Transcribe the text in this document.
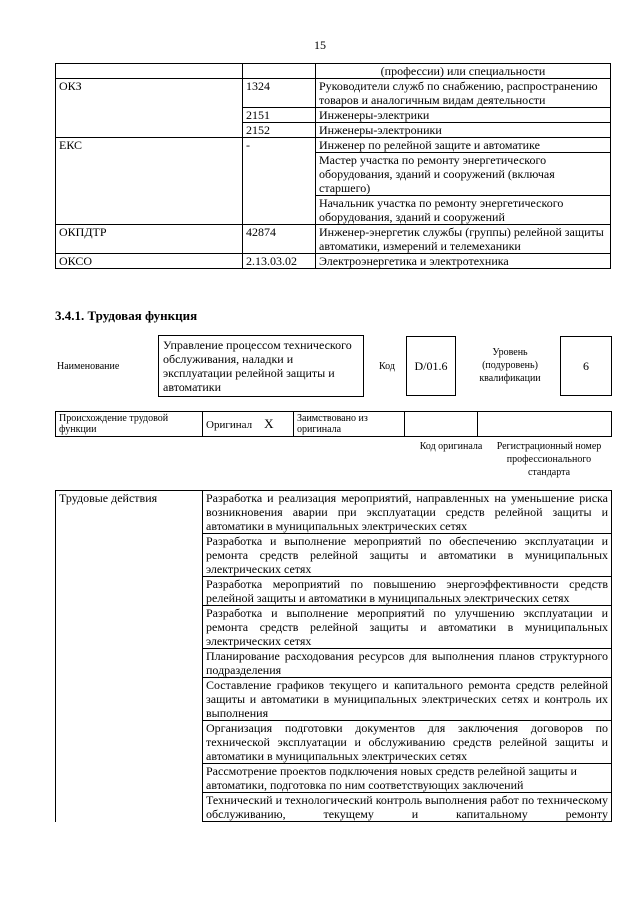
15
		(профессии) или специальности
ОКЗ	1324	Руководители служб по снабжению, распространению товаров и аналогичным видам деятельности
	2151	Инженеры-электрики
	2152	Инженеры-электроники
ЕКС	-	Инженер по релейной защите и автоматике
		Мастер участка по ремонту энергетического оборудования, зданий и сооружений (включая старшего)
		Начальник участка по ремонту энергетического оборудования, зданий и сооружений
ОКПДТР	42874	Инженер-энергетик службы (группы) релейной защиты автоматики, измерений и телемеханики
ОКСО	2.13.03.02	Электроэнергетика и электротехника
3.4.1. Трудовая функция
Наименование
Управление процессом технического обслуживания, наладки и эксплуатации релейной защиты и автоматики
Код D/01.6
Уровень (подуровень) квалификации
6
Происхождение трудовой функции	Оригинал X	Заимствовано из оригинала		
Код оригинала	Регистрационный номер профессионального стандарта
Трудовые действия	Разработка и реализация мероприятий, направленных на уменьшение риска возникновения аварии при эксплуатации средств релейной защиты и автоматики в муниципальных электрических сетях
	Разработка и выполнение мероприятий по обеспечению эксплуатации и ремонта средств релейной защиты и автоматики в муниципальных электрических сетях
	Разработка мероприятий по повышению энергоэффективности средств релейной защиты и автоматики в муниципальных электрических сетях
	Разработка и выполнение мероприятий по улучшению эксплуатации и ремонта средств релейной защиты и автоматики в муниципальных электрических сетях
	Планирование расходования ресурсов для выполнения планов структурного подразделения
	Составление графиков текущего и капитального ремонта средств релейной защиты и автоматики в муниципальных электрических сетях и контроль их выполнения
	Организация подготовки документов для заключения договоров по технической эксплуатации и обслуживанию средств релейной защиты и автоматики в муниципальных электрических сетях
	Рассмотрение проектов подключения новых средств релейной защиты и автоматики, подготовка по ним соответствующих заключений
	Технический и технологический контроль выполнения работ по техническому обслуживанию, текущему и капитальному ремонту
